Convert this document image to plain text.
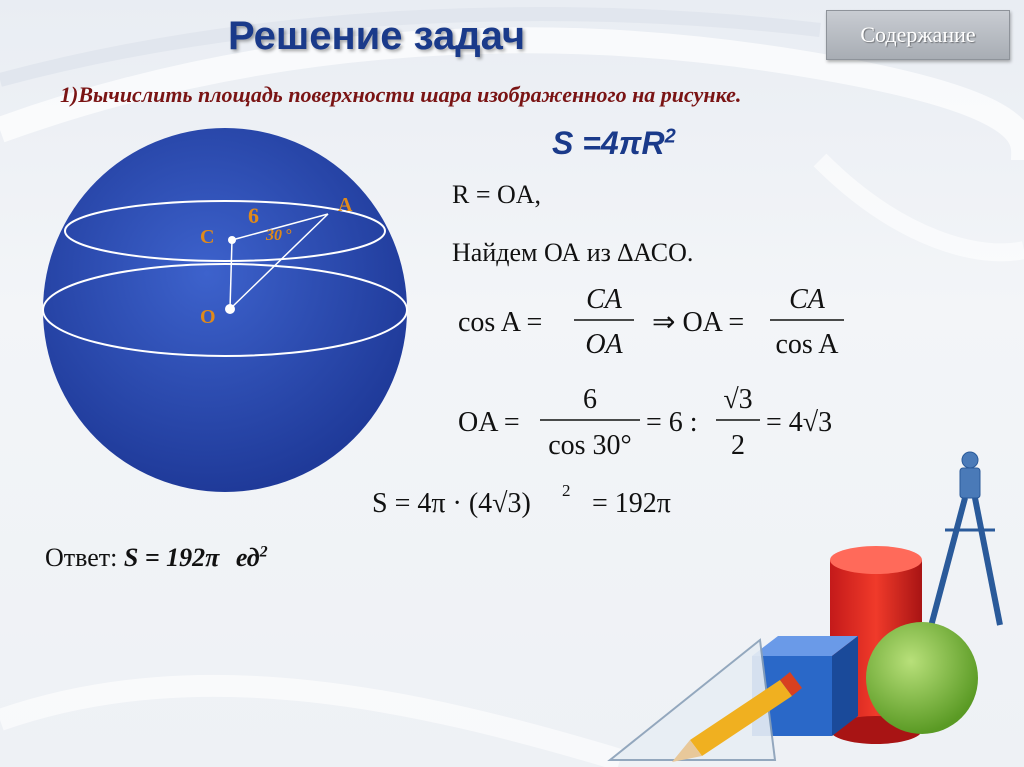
Решение задач	Содержание

1)Вычислить площадь поверхности шара изображенного на рисунке.

6
30 °
A
C
O
$S =4\pi R^2$
R = OA,
Найдем ОА из ∆АСО.
cos A =
CA
OA
⇒ OA =
CA
cos A
OA =
6
cos 30°
= 6 :
√3
2
= 4√3
S = 4π · (4√3) 2 = 192π
Ответ: S = 192π $ед^2$
